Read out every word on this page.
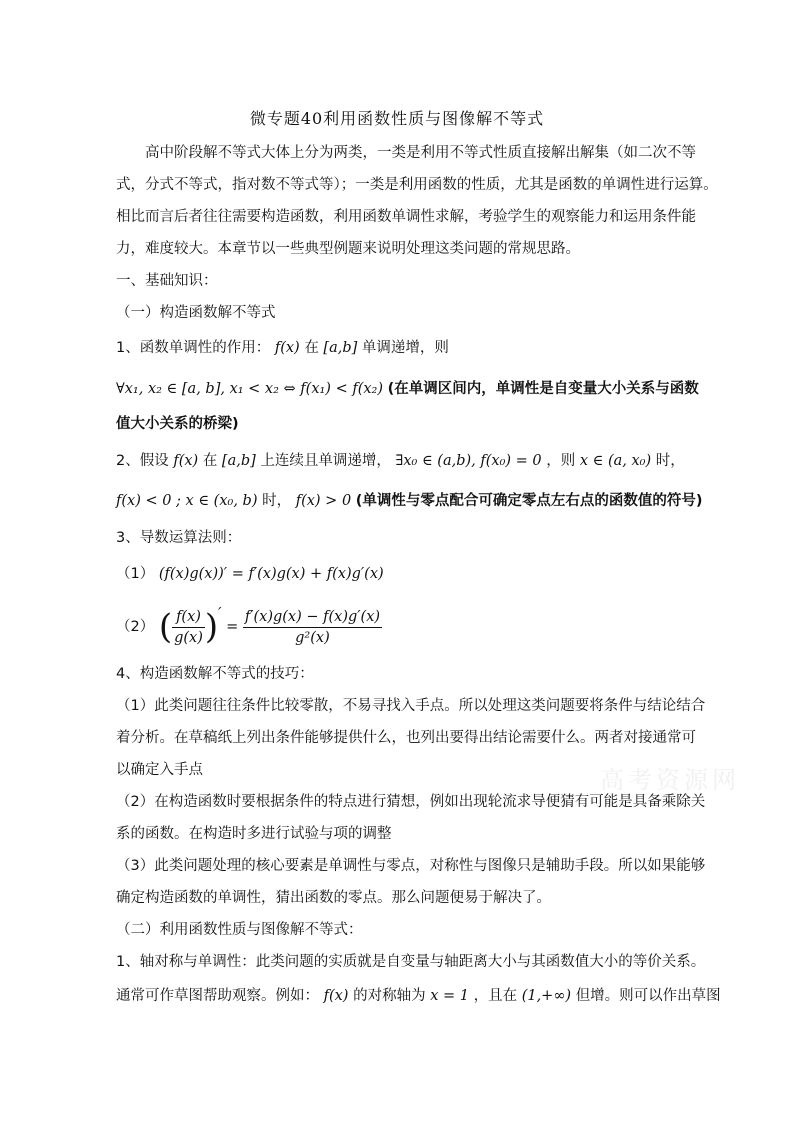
微专题40利用函数性质与图像解不等式
高中阶段解不等式大体上分为两类，一类是利用不等式性质直接解出解集（如二次不等
式，分式不等式，指对数不等式等）；一类是利用函数的性质，尤其是函数的单调性进行运算。
相比而言后者往往需要构造函数，利用函数单调性求解，考验学生的观察能力和运用条件能
力，难度较大。本章节以一些典型例题来说明处理这类问题的常规思路。
一、基础知识：
（一）构造函数解不等式
1、函数单调性的作用： f(x) 在 [a,b] 单调递增，则
∀x₁, x₂ ∈ [a, b], x₁ < x₂ ⇔ f(x₁) < f(x₂) (在单调区间内，单调性是自变量大小关系与函数
值大小关系的桥梁)
2、假设 f(x) 在 [a,b] 上连续且单调递增， ∃x₀ ∈ (a,b), f(x₀) = 0 ，则 x ∈ (a, x₀) 时，
f(x) < 0 ; x ∈ (x₀, b) 时， f(x) > 0 (单调性与零点配合可确定零点左右点的函数值的符号)
3、导数运算法则：
（1） (f(x)g(x))′ = f′(x)g(x) + f(x)g′(x)
（2） ( $\frac{f(x)}{g(x)}$ )′ = $\frac{f'(x)g(x) - f(x)g'(x)}{\text{g²(x)}}$
4、构造函数解不等式的技巧：
（1）此类问题往往条件比较零散，不易寻找入手点。所以处理这类问题要将条件与结论结合
着分析。在草稿纸上列出条件能够提供什么，也列出要得出结论需要什么。两者对接通常可
以确定入手点
（2）在构造函数时要根据条件的特点进行猜想，例如出现轮流求导便猜有可能是具备乘除关
系的函数。在构造时多进行试验与项的调整
（3）此类问题处理的核心要素是单调性与零点，对称性与图像只是辅助手段。所以如果能够
确定构造函数的单调性，猜出函数的零点。那么问题便易于解决了。
（二）利用函数性质与图像解不等式：
1、轴对称与单调性：此类问题的实质就是自变量与轴距离大小与其函数值大小的等价关系。
通常可作草图帮助观察。例如： f(x) 的对称轴为 x = 1 ，且在 (1,+∞) 但增。则可以作出草图
高考资源网
